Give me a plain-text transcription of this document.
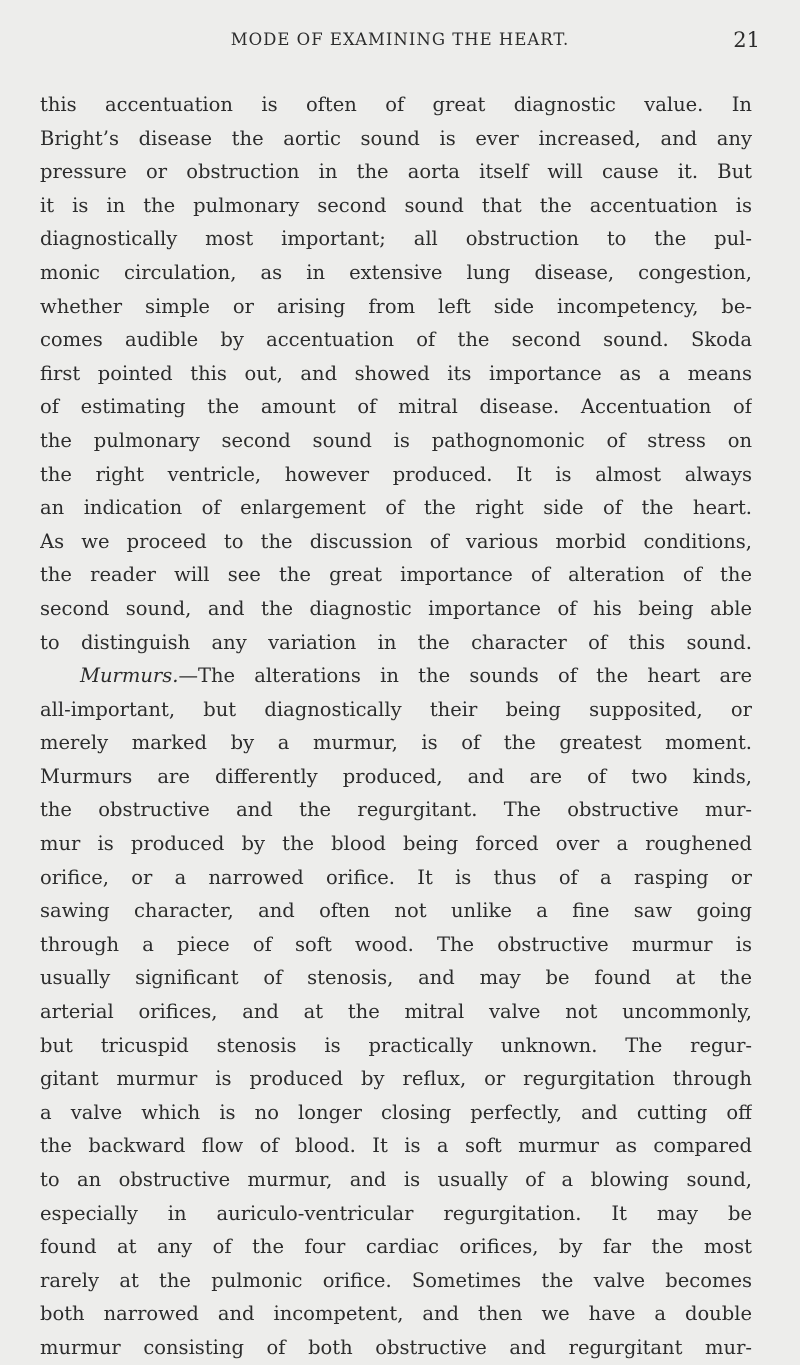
MODE OF EXAMINING THE HEART.	21
this accentuation is often of great diagnostic value. In
Bright’s disease the aortic sound is ever increased, and any
pressure or obstruction in the aorta itself will cause it. But
it is in the pulmonary second sound that the accentuation is
diagnostically most important; all obstruction to the pul-
monic circulation, as in extensive lung disease, congestion,
whether simple or arising from left side incompetency, be-
comes audible by accentuation of the second sound. Skoda
first pointed this out, and showed its importance as a means
of estimating the amount of mitral disease. Accentuation of
the pulmonary second sound is pathognomonic of stress on
the right ventricle, however produced. It is almost always
an indication of enlargement of the right side of the heart.
As we proceed to the discussion of various morbid conditions,
the reader will see the great importance of alteration of the
second sound, and the diagnostic importance of his being able
to distinguish any variation in the character of this sound.
Murmurs.—The alterations in the sounds of the heart are
all-important, but diagnostically their being supposited, or
merely marked by a murmur, is of the greatest moment.
Murmurs are differently produced, and are of two kinds,
the obstructive and the regurgitant. The obstructive mur-
mur is produced by the blood being forced over a roughened
orifice, or a narrowed orifice. It is thus of a rasping or
sawing character, and often not unlike a fine saw going
through a piece of soft wood. The obstructive murmur is
usually significant of stenosis, and may be found at the
arterial orifices, and at the mitral valve not uncommonly,
but tricuspid stenosis is practically unknown. The regur-
gitant murmur is produced by reflux, or regurgitation through
a valve which is no longer closing perfectly, and cutting off
the backward flow of blood. It is a soft murmur as compared
to an obstructive murmur, and is usually of a blowing sound,
especially in auriculo-ventricular regurgitation. It may be
found at any of the four cardiac orifices, by far the most
rarely at the pulmonic orifice. Sometimes the valve becomes
both narrowed and incompetent, and then we have a double
murmur consisting of both obstructive and regurgitant mur-
